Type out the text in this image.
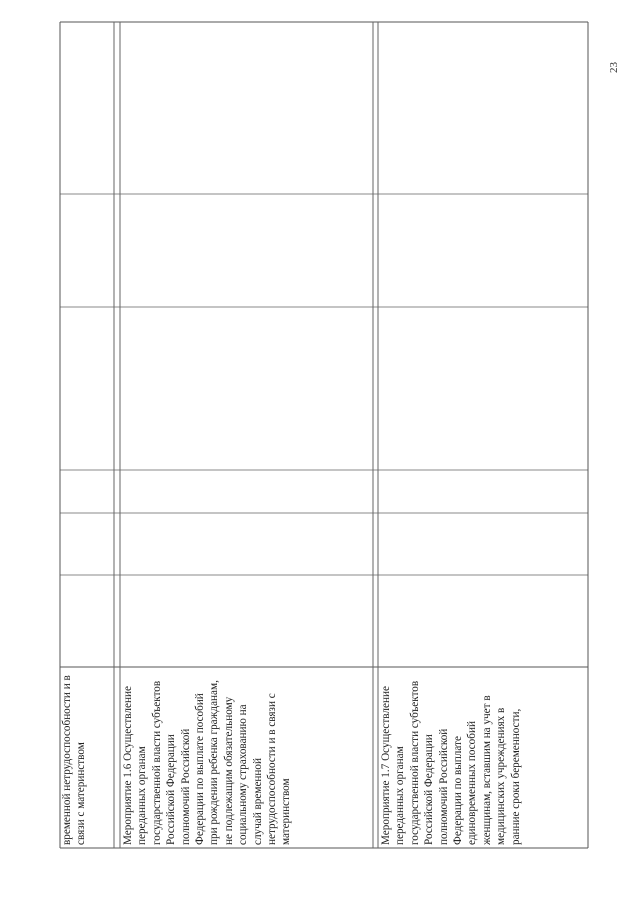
временной нетрудоспособности и в связи с материнством	Мероприятие 1.6 Осуществление переданных органам государственной власти субъектов Российской Федерации полномочий Российской Федерации по выплате пособий при рождении ребенка гражданам, не подлежащим обязательному социальному страхованию на случай временной нетрудоспособности и в связи с материнством	Мероприятие 1.7 Осуществление переданных органам государственной власти субъектов Российской Федерации полномочий Российской Федерации по выплате единовременных пособий женщинам, вставшим на учет в медицинских учреждениях в ранние сроки беременности,
23
